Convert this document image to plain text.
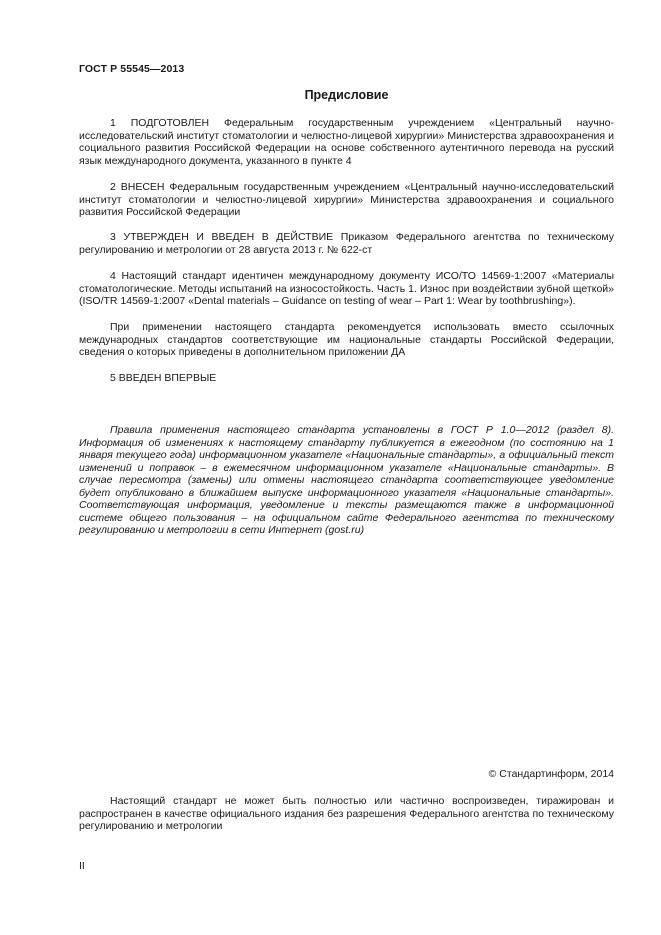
ГОСТ Р 55545—2013
Предисловие

1 ПОДГОТОВЛЕН Федеральным государственным учреждением «Центральный научно-исследовательский институт стоматологии и челюстно-лицевой хирургии» Министерства здравоохранения и социального развития Российской Федерации на основе собственного аутентичного перевода на русский язык международного документа, указанного в пункте 4

2 ВНЕСЕН Федеральным государственным учреждением «Центральный научно-исследовательский институт стоматологии и челюстно-лицевой хирургии» Министерства здравоохранения и социального развития Российской Федерации

3 УТВЕРЖДЕН И ВВЕДЕН В ДЕЙСТВИЕ Приказом Федерального агентства по техническому регулированию и метрологии от 28 августа 2013 г. № 622-ст

4 Настоящий стандарт идентичен международному документу ИСО/ТО 14569-1:2007 «Материалы стоматологические. Методы испытаний на износостойкость. Часть 1. Износ при воздействии зубной щеткой» (ISO/TR 14569-1:2007 «Dental materials – Guidance on testing of wear – Part 1: Wear by toothbrushing»).

При применении настоящего стандарта рекомендуется использовать вместо ссылочных международных стандартов соответствующие им национальные стандарты Российской Федерации, сведения о которых приведены в дополнительном приложении ДА

5 ВВЕДЕН ВПЕРВЫЕ

Правила применения настоящего стандарта установлены в ГОСТ Р 1.0—2012 (раздел 8). Информация об изменениях к настоящему стандарту публикуется в ежегодном (по состоянию на 1 января текущего года) информационном указателе «Национальные стандарты», а официальный текст изменений и поправок – в ежемесячном информационном указателе «Национальные стандарты». В случае пересмотра (замены) или отмены настоящего стандарта соответствующее уведомление будет опубликовано в ближайшем выпуске информационного указателя «Национальные стандарты». Соответствующая информация, уведомление и тексты размещаются также в информационной системе общего пользования – на официальном сайте Федерального агентства по техническому регулированию и метрологии в сети Интернет (gost.ru)

© Стандартинформ, 2014

Настоящий стандарт не может быть полностью или частично воспроизведен, тиражирован и распространен в качестве официального издания без разрешения Федерального агентства по техническому регулированию и метрологии

II
